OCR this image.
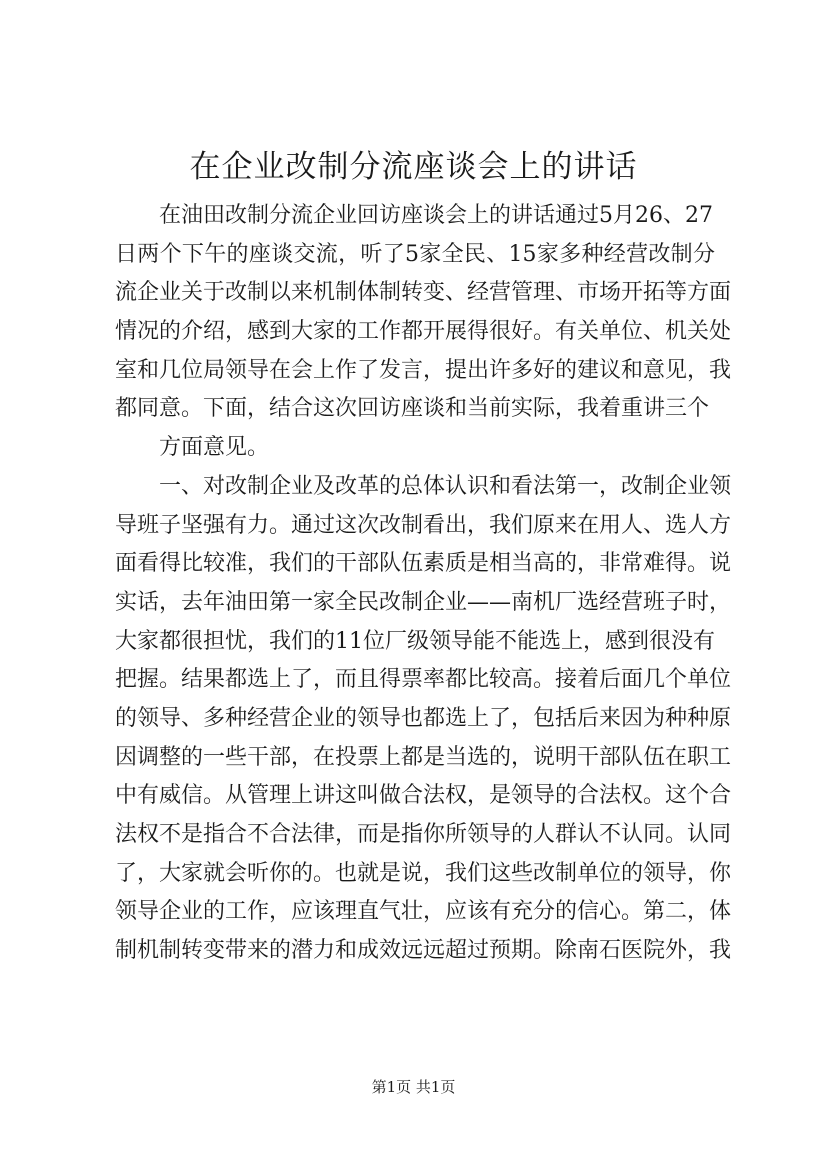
在企业改制分流座谈会上的讲话
在油田改制分流企业回访座谈会上的讲话通过5月26、27
日两个下午的座谈交流，听了5家全民、15家多种经营改制分
流企业关于改制以来机制体制转变、经营管理、市场开拓等方面
情况的介绍，感到大家的工作都开展得很好。有关单位、机关处
室和几位局领导在会上作了发言，提出许多好的建议和意见，我
都同意。下面，结合这次回访座谈和当前实际，我着重讲三个
方面意见。
一、对改制企业及改革的总体认识和看法第一，改制企业领
导班子坚强有力。通过这次改制看出，我们原来在用人、选人方
面看得比较准，我们的干部队伍素质是相当高的，非常难得。说
实话，去年油田第一家全民改制企业——南机厂选经营班子时，
大家都很担忧，我们的11位厂级领导能不能选上，感到很没有
把握。结果都选上了，而且得票率都比较高。接着后面几个单位
的领导、多种经营企业的领导也都选上了，包括后来因为种种原
因调整的一些干部，在投票上都是当选的，说明干部队伍在职工
中有威信。从管理上讲这叫做合法权，是领导的合法权。这个合
法权不是指合不合法律，而是指你所领导的人群认不认同。认同
了，大家就会听你的。也就是说，我们这些改制单位的领导，你
领导企业的工作，应该理直气壮，应该有充分的信心。第二，体
制机制转变带来的潜力和成效远远超过预期。除南石医院外，我
第1页 共1页
